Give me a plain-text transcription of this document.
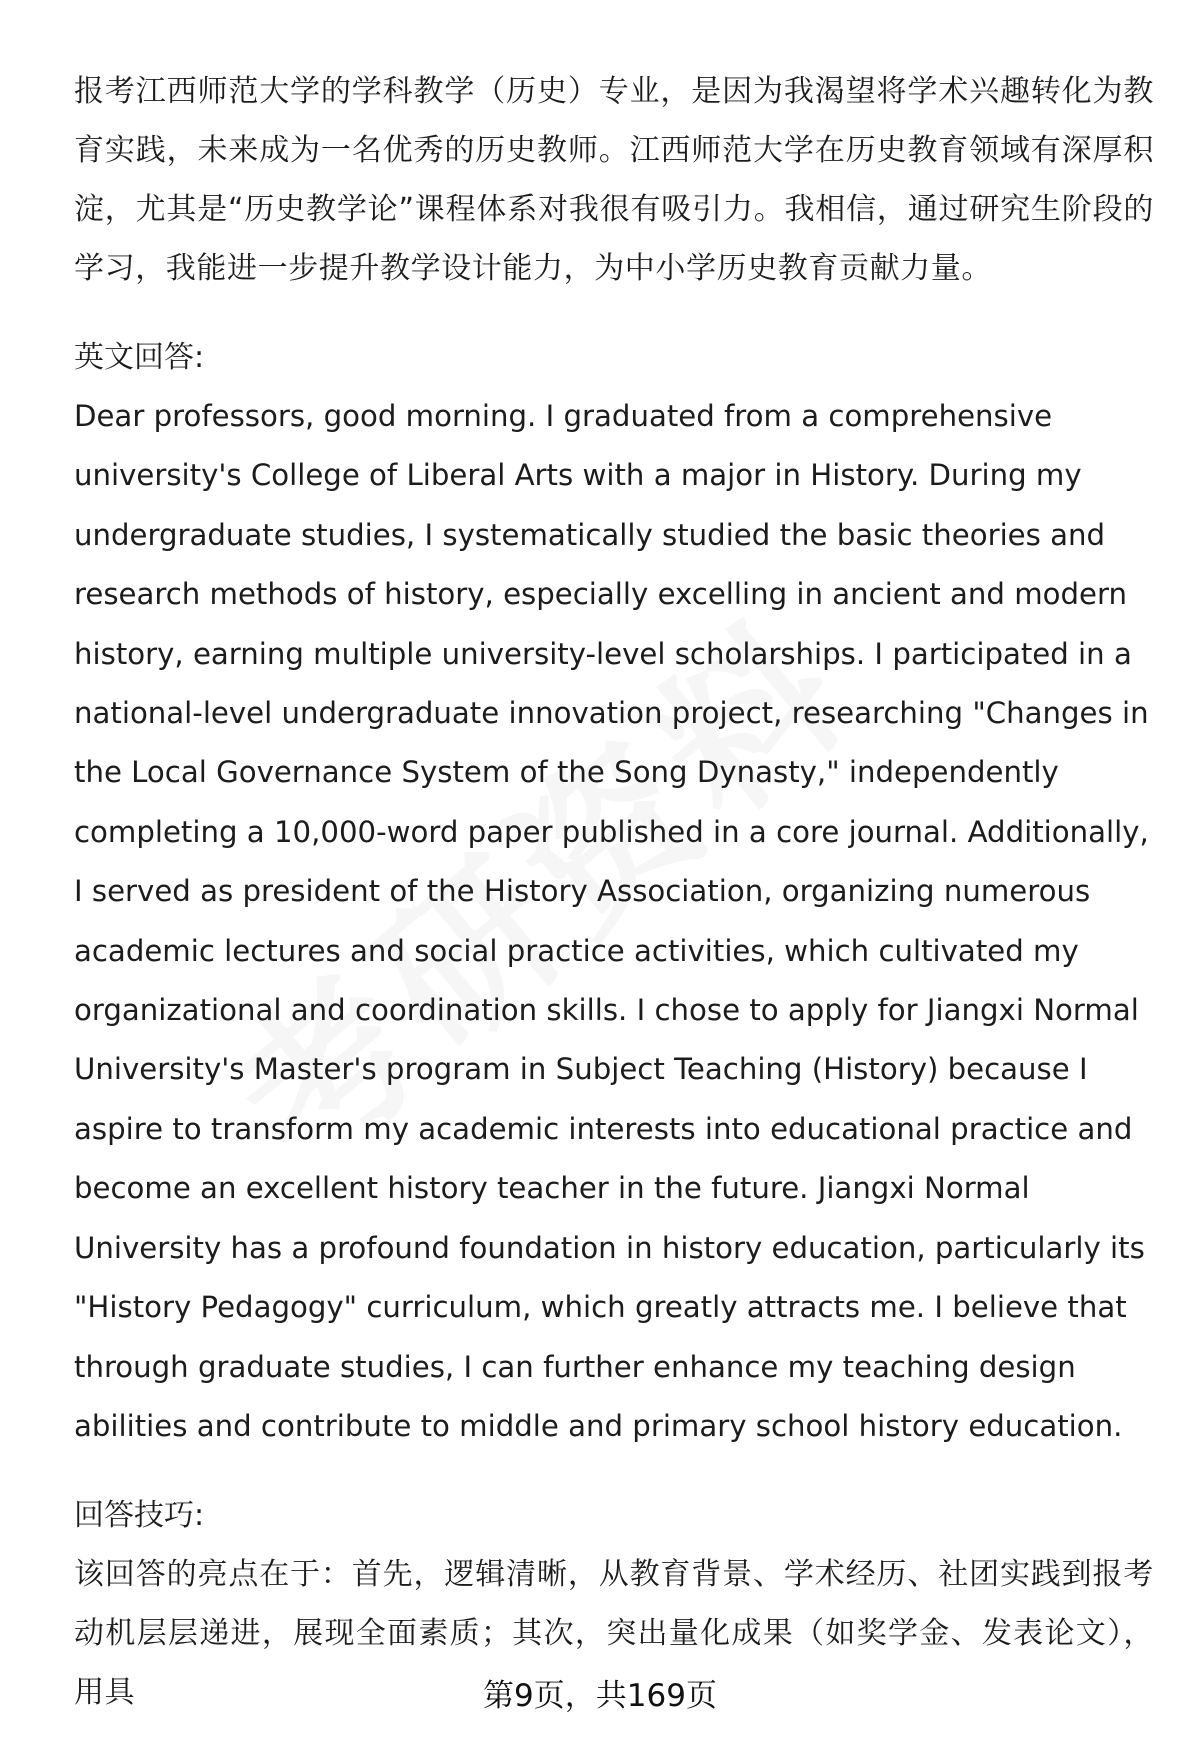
报考江西师范大学的学科教学（历史）专业，是因为我渴望将学术兴趣转化为教育实践，未来成为一名优秀的历史教师。江西师范大学在历史教育领域有深厚积淀，尤其是“历史教学论”课程体系对我很有吸引力。我相信，通过研究生阶段的学习，我能进一步提升教学设计能力，为中小学历史教育贡献力量。

英文回答:

Dear professors, good morning. I graduated from a comprehensive university's College of Liberal Arts with a major in History. During my undergraduate studies, I systematically studied the basic theories and research methods of history, especially excelling in ancient and modern history, earning multiple university-level scholarships. I participated in a national-level undergraduate innovation project, researching "Changes in the Local Governance System of the Song Dynasty," independently completing a 10,000-word paper published in a core journal. Additionally, I served as president of the History Association, organizing numerous academic lectures and social practice activities, which cultivated my organizational and coordination skills. I chose to apply for Jiangxi Normal University's Master's program in Subject Teaching (History) because I aspire to transform my academic interests into educational practice and become an excellent history teacher in the future. Jiangxi Normal University has a profound foundation in history education, particularly its "History Pedagogy" curriculum, which greatly attracts me. I believe that through graduate studies, I can further enhance my teaching design abilities and contribute to middle and primary school history education.

回答技巧:

该回答的亮点在于：首先，逻辑清晰，从教育背景、学术经历、社团实践到报考动机层层递进，展现全面素质；其次，突出量化成果（如奖学金、发表论文），用具	第9页，共169页
